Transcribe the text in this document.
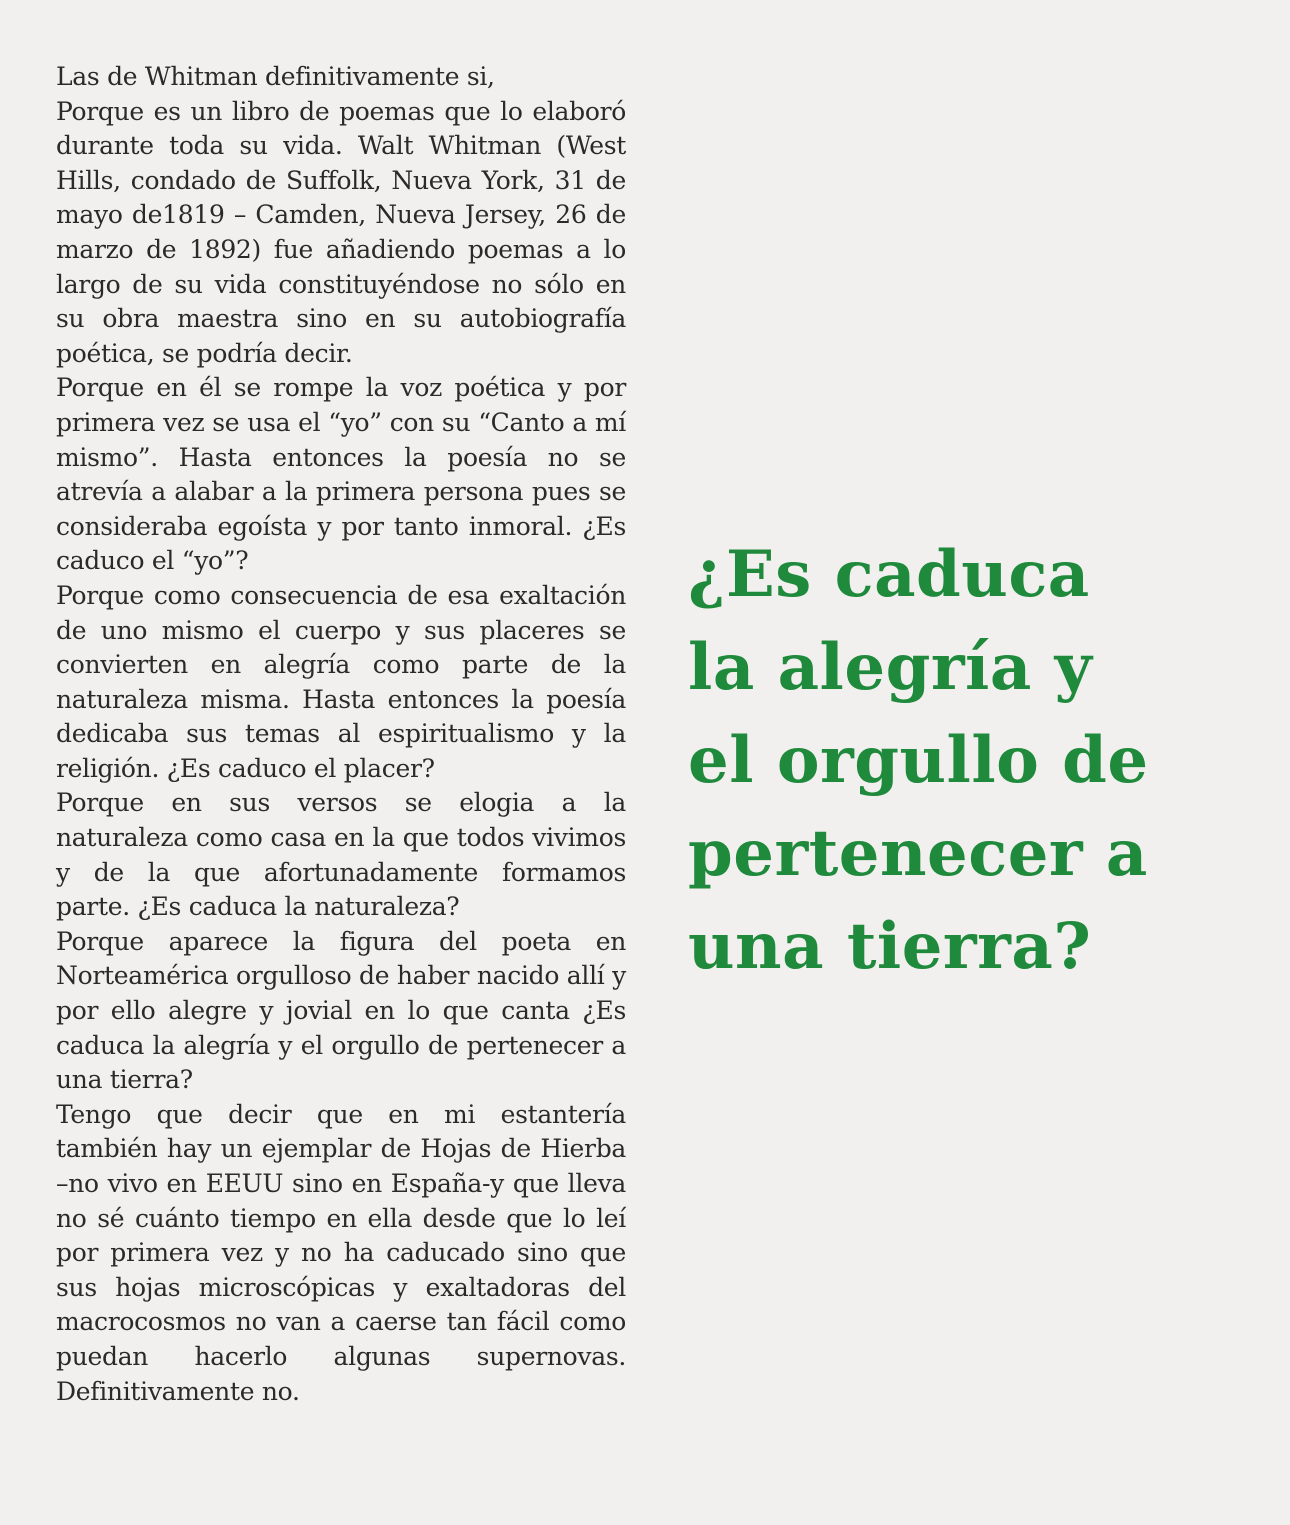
Las de Whitman definitivamente si,

Porque es un libro de poemas que lo elaboró durante toda su vida. Walt Whitman (West Hills, condado de Suffolk, Nueva York, 31 de mayo de1819 – Camden, Nueva Jersey, 26 de marzo de 1892) fue añadiendo poemas a lo largo de su vida constituyéndose no sólo en su obra maestra sino en su autobiografía poética, se podría decir.

Porque en él se rompe la voz poética y por primera vez se usa el “yo” con su “Canto a mí mismo”. Hasta entonces la poesía no se atrevía a alabar a la primera persona pues se consideraba egoísta y por tanto inmoral. ¿Es caduco el “yo”?

Porque como consecuencia de esa exaltación de uno mismo el cuerpo y sus placeres se convierten en alegría como parte de la naturaleza misma. Hasta entonces la poesía dedicaba sus temas al espiritualismo y la religión. ¿Es caduco el placer?

Porque en sus versos se elogia a la naturaleza como casa en la que todos vivimos y de la que afortunadamente formamos parte. ¿Es caduca la naturaleza?

Porque aparece la figura del poeta en Norteamérica orgulloso de haber nacido allí y por ello alegre y jovial en lo que canta ¿Es caduca la alegría y el orgullo de pertenecer a una tierra?

Tengo que decir que en mi estantería también hay un ejemplar de Hojas de Hierba –no vivo en EEUU sino en España-y que lleva no sé cuánto tiempo en ella desde que lo leí por primera vez y no ha caducado sino que sus hojas microscópicas y exaltadoras del macrocosmos no van a caerse tan fácil como puedan hacerlo algunas supernovas. Definitivamente no.

¿Es caduca
la alegría y
el orgullo de
pertenecer a
una tierra?
